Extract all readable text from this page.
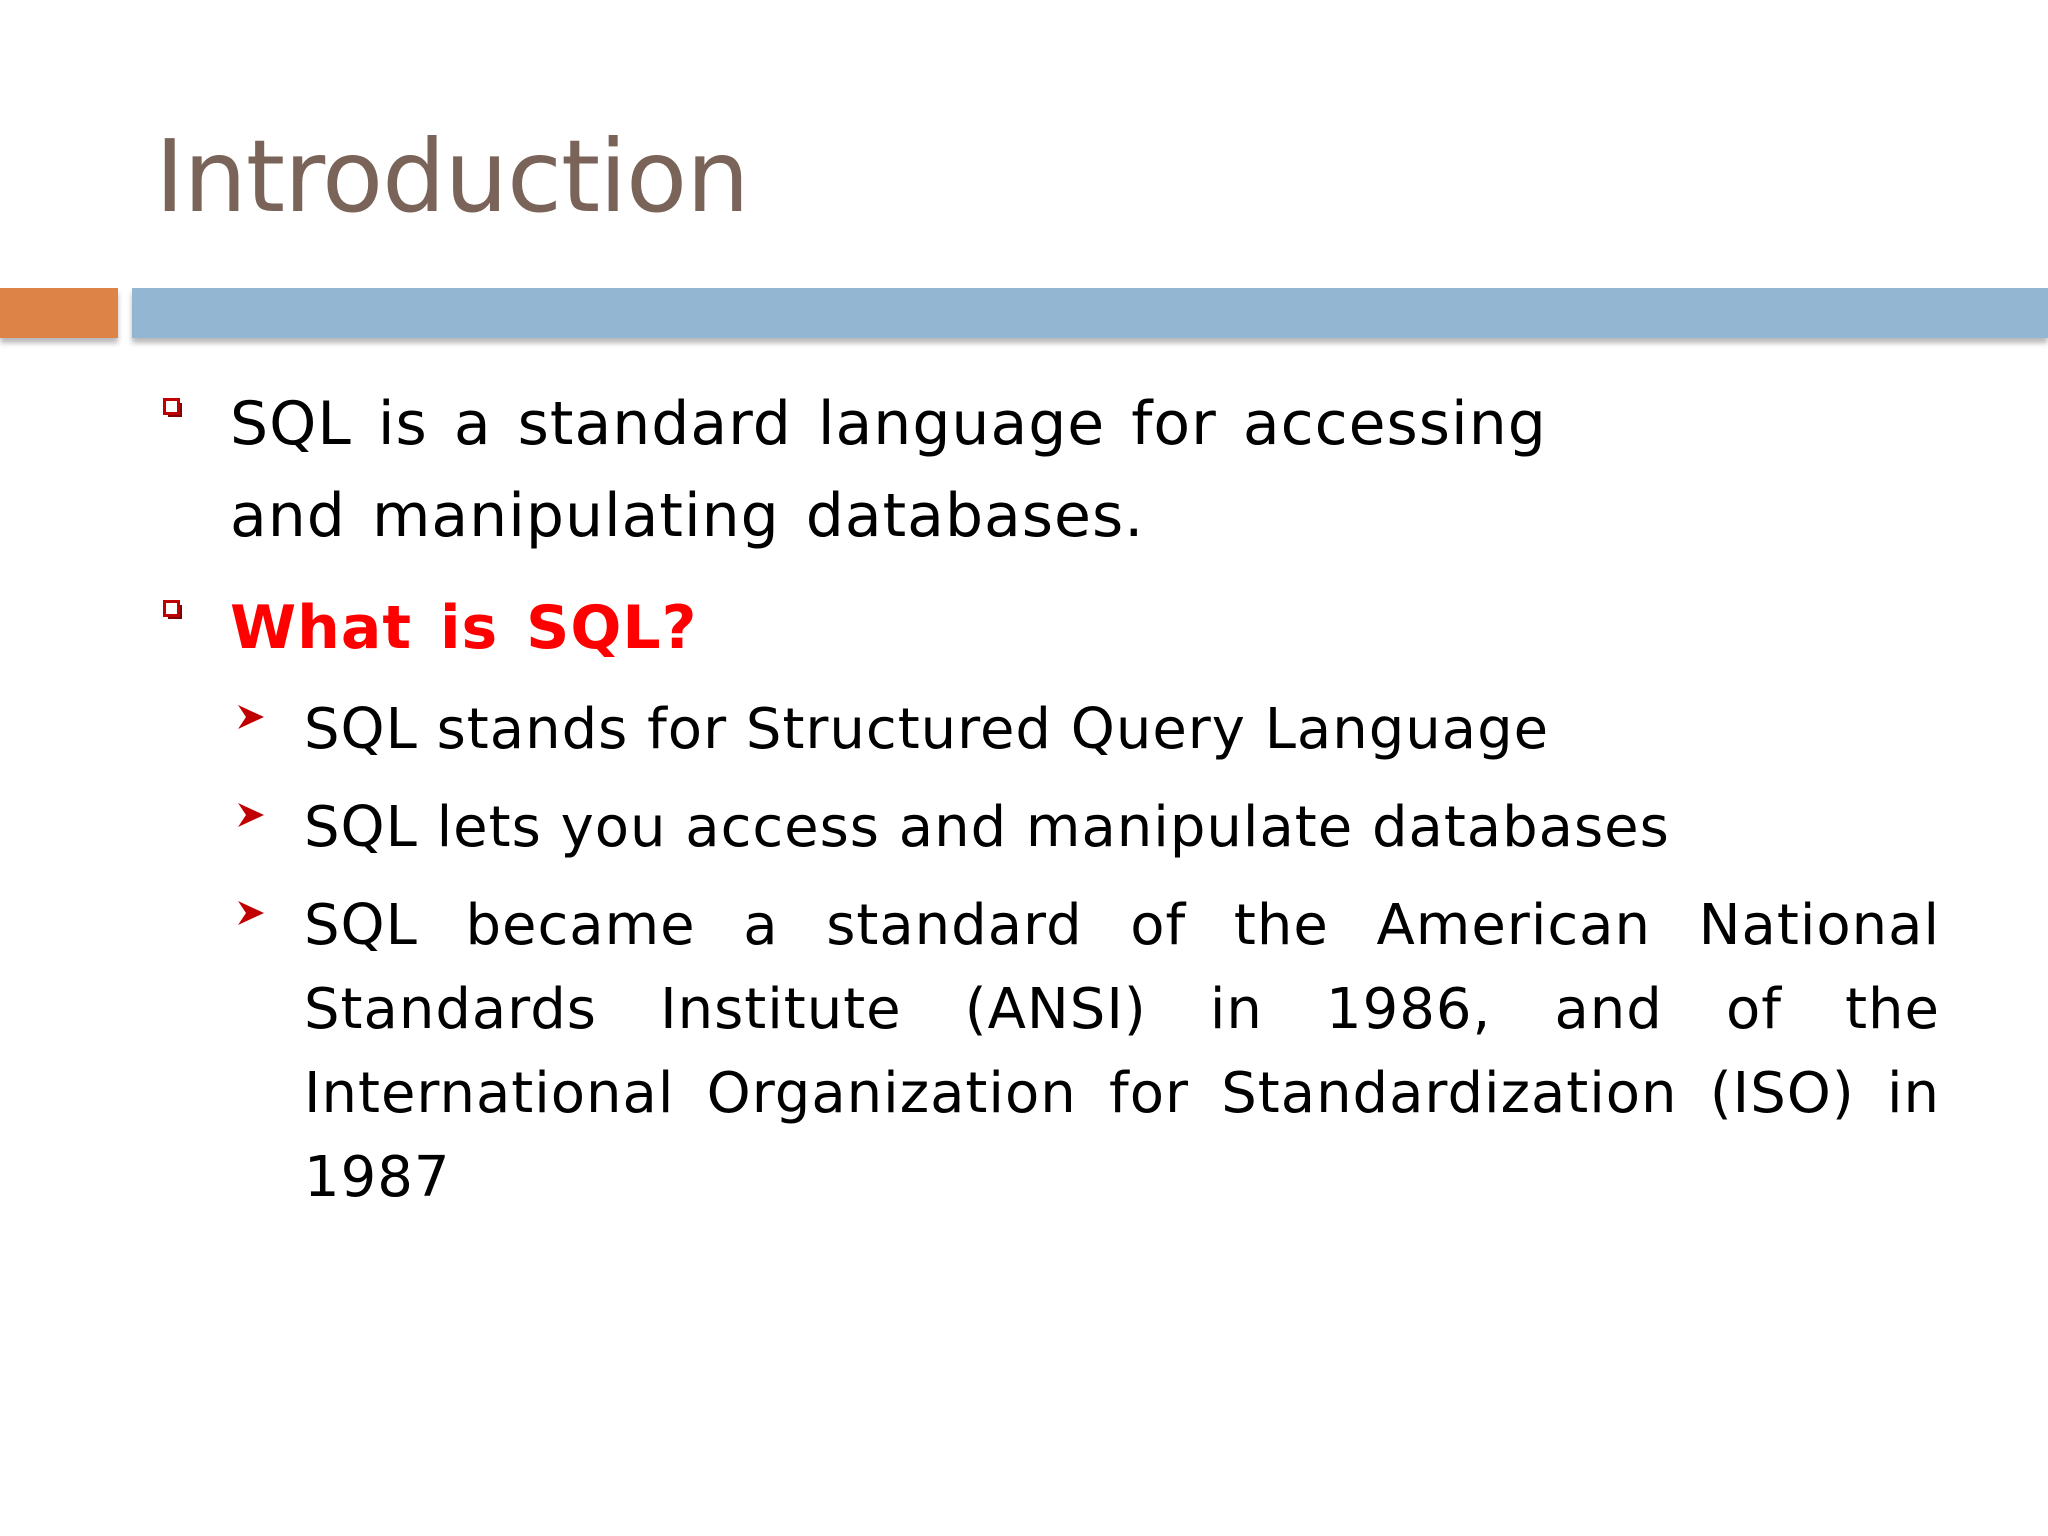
Introduction
SQL is a standard language for accessing and manipulating databases.
What is SQL?
SQL stands for Structured Query Language
SQL lets you access and manipulate databases
SQL became a standard of the American National Standards Institute (ANSI) in 1986, and of the International Organization for Standardization (ISO) in 1987
